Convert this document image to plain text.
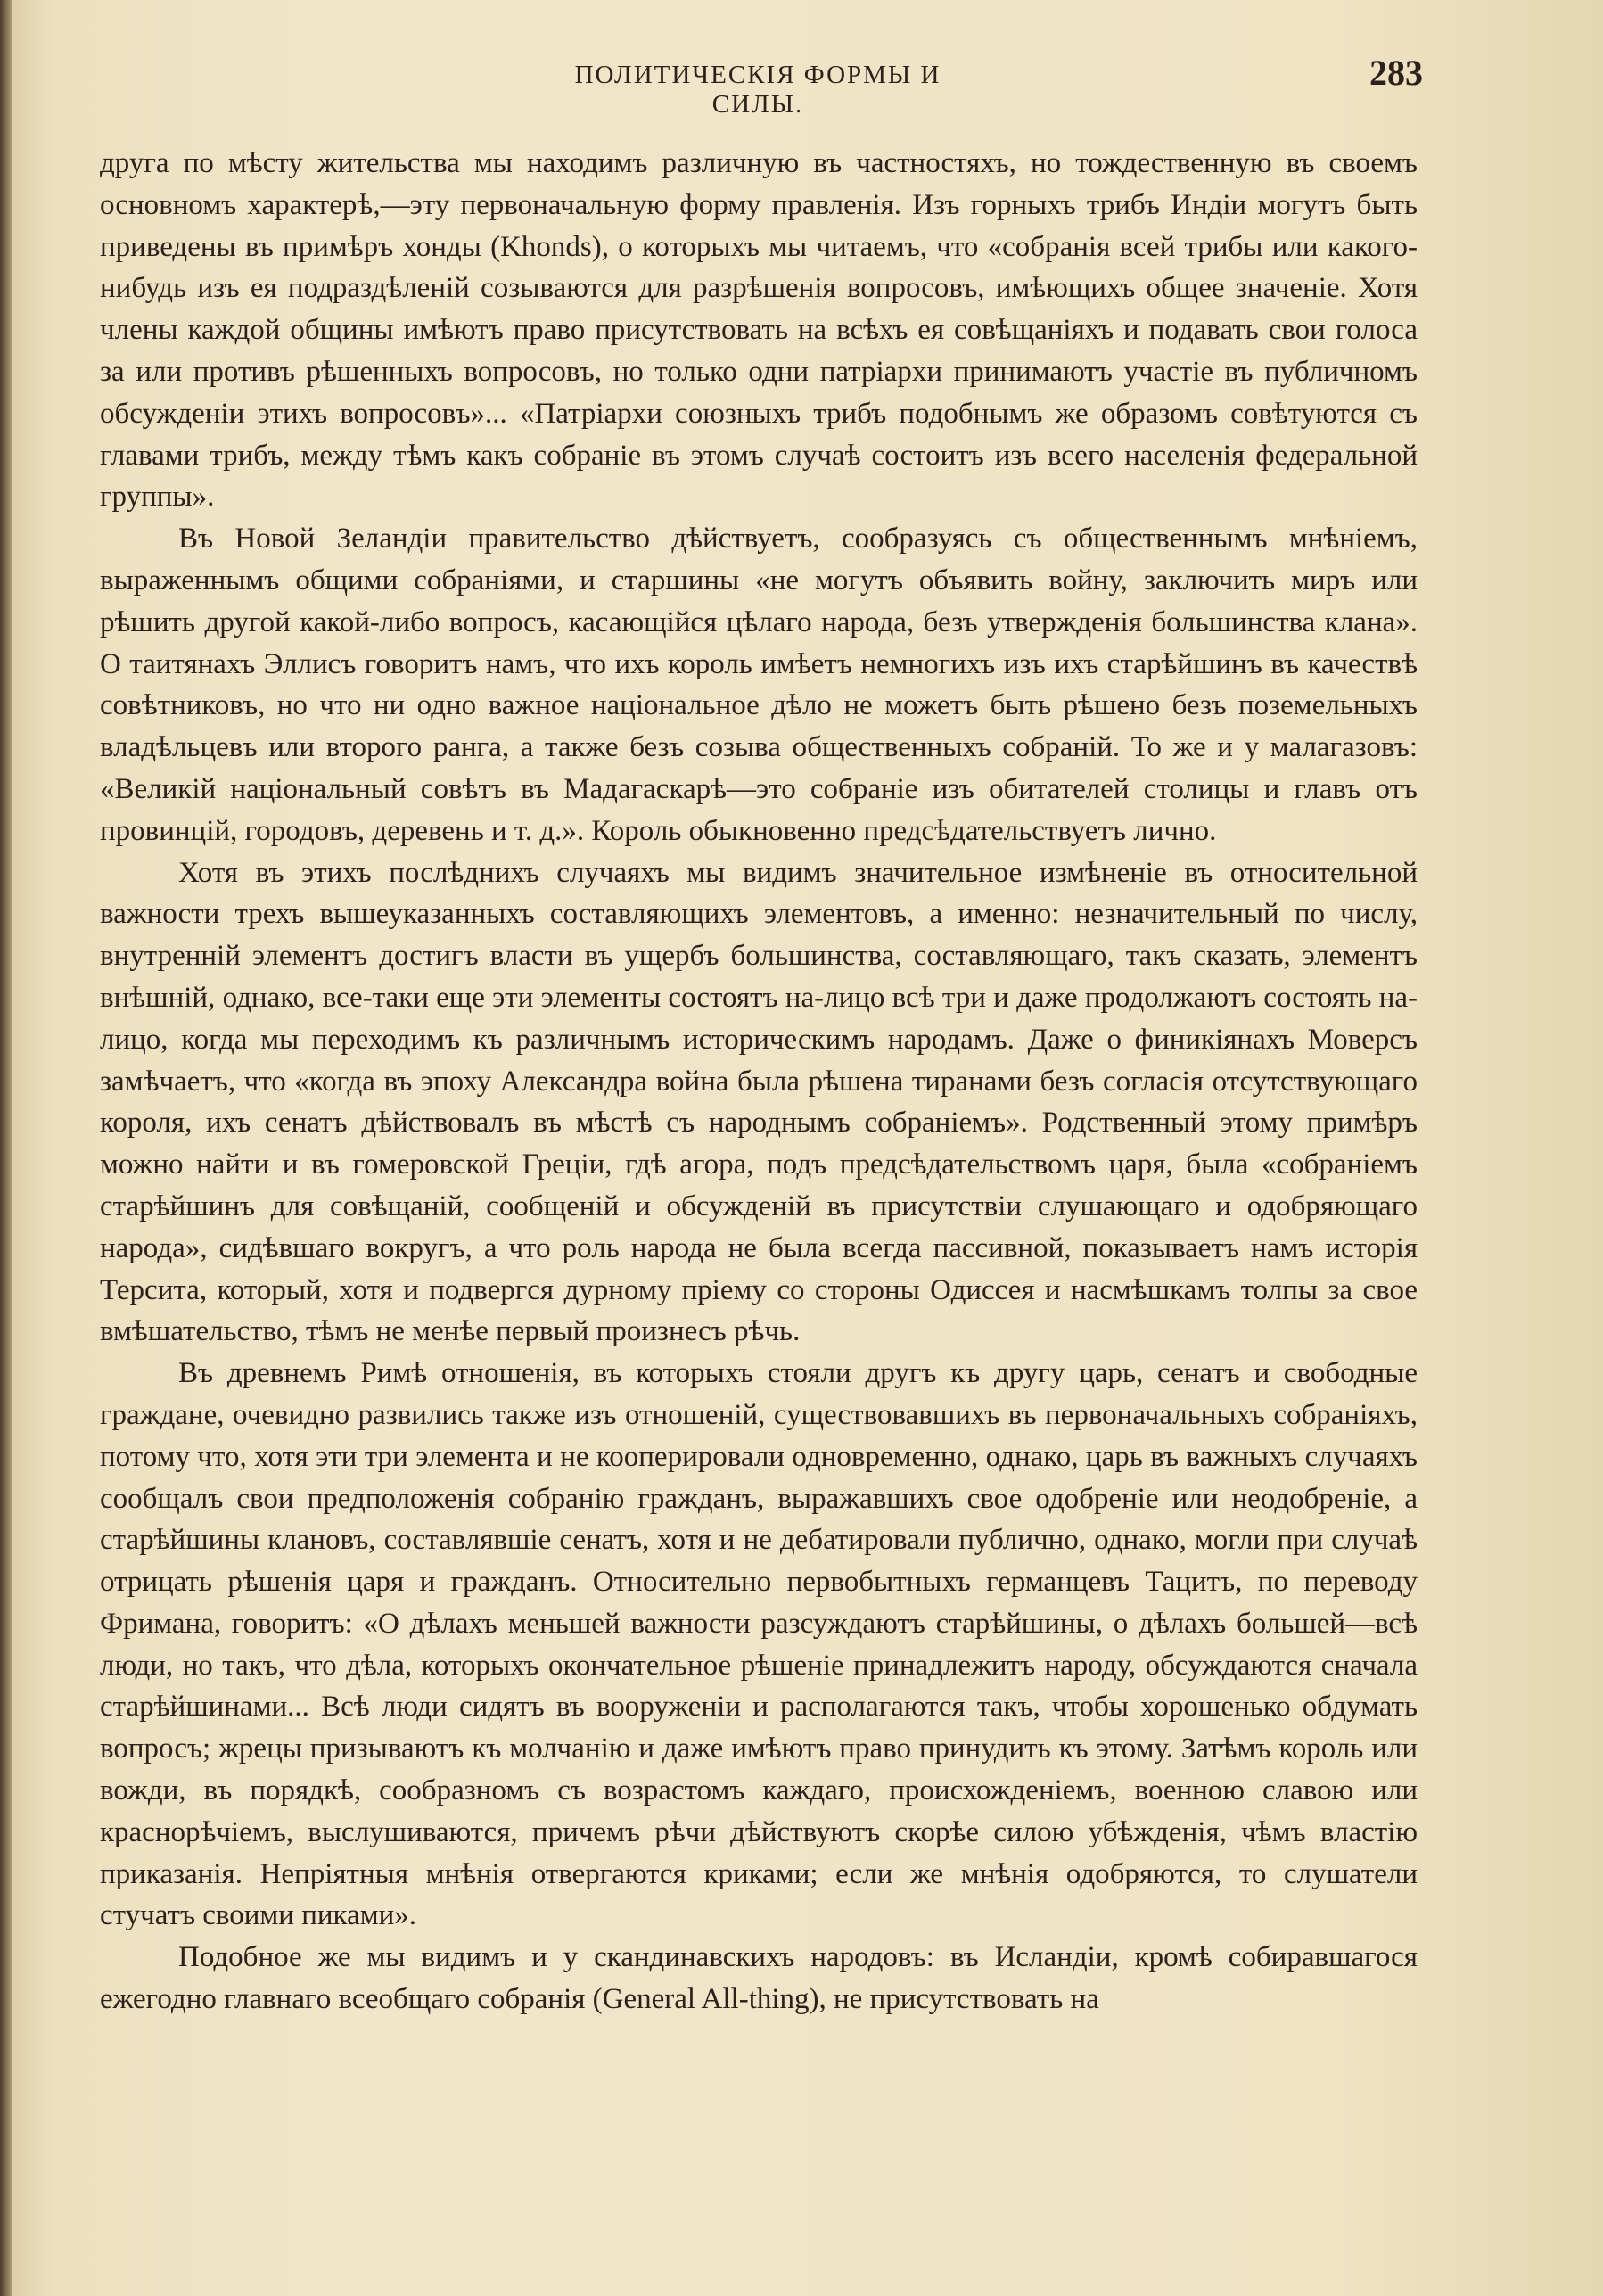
ПОЛИТИЧЕСКІЯ ФОРМЫ И СИЛЫ.
283

друга по мѣсту жительства мы находимъ различную въ частностяхъ, но тождественную въ своемъ основномъ характерѣ,—эту первоначальную форму правленія. Изъ горныхъ трибъ Индіи могутъ быть приведены въ примѣръ хонды (Khonds), о которыхъ мы читаемъ, что «собранія всей трибы или какого-нибудь изъ ея подраздѣленій созываются для разрѣшенія вопросовъ, имѣющихъ общее значеніе. Хотя члены каждой общины имѣютъ право присутствовать на всѣхъ ея совѣщаніяхъ и подавать свои голоса за или противъ рѣшенныхъ вопросовъ, но только одни патріархи принимаютъ участіе въ публичномъ обсужденіи этихъ вопросовъ»... «Патріархи союзныхъ трибъ подобнымъ же образомъ совѣтуются съ главами трибъ, между тѣмъ какъ собраніе въ этомъ случаѣ состоитъ изъ всего населенія федеральной группы».

Въ Новой Зеландіи правительство дѣйствуетъ, сообразуясь съ общественнымъ мнѣніемъ, выраженнымъ общими собраніями, и старшины «не могутъ объявить войну, заключить миръ или рѣшить другой какой-либо вопросъ, касающійся цѣлаго народа, безъ утвержденія большинства клана». О таитянахъ Эллисъ говоритъ намъ, что ихъ король имѣетъ немногихъ изъ ихъ старѣйшинъ въ качествѣ совѣтниковъ, но что ни одно важное національное дѣло не можетъ быть рѣшено безъ поземельныхъ владѣльцевъ или второго ранга, а также безъ созыва общественныхъ собраній. То же и у малагазовъ: «Великій національный совѣтъ въ Мадагаскарѣ—это собраніе изъ обитателей столицы и главъ отъ провинцій, городовъ, деревень и т. д.». Король обыкновенно предсѣдательствуетъ лично.

Хотя въ этихъ послѣднихъ случаяхъ мы видимъ значительное измѣненіе въ относительной важности трехъ вышеуказанныхъ составляющихъ элементовъ, а именно: незначительный по числу, внутренній элементъ достигъ власти въ ущербъ большинства, составляющаго, такъ сказать, элементъ внѣшній, однако, все-таки еще эти элементы состоятъ на-лицо всѣ три и даже продолжаютъ состоять на-лицо, когда мы переходимъ къ различнымъ историческимъ народамъ. Даже о финикіянахъ Моверсъ замѣчаетъ, что «когда въ эпоху Александра война была рѣшена тиранами безъ согласія отсутствующаго короля, ихъ сенатъ дѣйствовалъ въ мѣстѣ съ народнымъ собраніемъ». Родственный этому примѣръ можно найти и въ гомеровской Греціи, гдѣ агора, подъ предсѣдательствомъ царя, была «собраніемъ старѣйшинъ для совѣщаній, сообщеній и обсужденій въ присутствіи слушающаго и одобряющаго народа», сидѣвшаго вокругъ, а что роль народа не была всегда пассивной, показываетъ намъ исторія Терсита, который, хотя и подвергся дурному пріему со стороны Одиссея и насмѣшкамъ толпы за свое вмѣшательство, тѣмъ не менѣе первый произнесъ рѣчь.

Въ древнемъ Римѣ отношенія, въ которыхъ стояли другъ къ другу царь, сенатъ и свободные граждане, очевидно развились также изъ отношеній, существовавшихъ въ первоначальныхъ собраніяхъ, потому что, хотя эти три элемента и не кооперировали одновременно, однако, царь въ важныхъ случаяхъ сообщалъ свои предположенія собранію гражданъ, выражавшихъ свое одобреніе или неодобреніе, а старѣйшины клановъ, составлявшіе сенатъ, хотя и не дебатировали публично, однако, могли при случаѣ отрицать рѣшенія царя и гражданъ. Относительно первобытныхъ германцевъ Тацитъ, по переводу Фримана, говоритъ: «О дѣлахъ меньшей важности разсуждаютъ старѣйшины, о дѣлахъ большей—всѣ люди, но такъ, что дѣла, которыхъ окончательное рѣшеніе принадлежитъ народу, обсуждаются сначала старѣйшинами... Всѣ люди сидятъ въ вооруженіи и располагаются такъ, чтобы хорошенько обдумать вопросъ; жрецы призываютъ къ молчанію и даже имѣютъ право принудить къ этому. Затѣмъ король или вожди, въ порядкѣ, сообразномъ съ возрастомъ каждаго, происхожденіемъ, военною славою или краснорѣчіемъ, выслушиваются, причемъ рѣчи дѣйствуютъ скорѣе силою убѣжденія, чѣмъ властію приказанія. Непріятныя мнѣнія отвергаются криками; если же мнѣнія одобряются, то слушатели стучатъ своими пиками».

Подобное же мы видимъ и у скандинавскихъ народовъ: въ Исландіи, кромѣ собиравшагося ежегодно главнаго всеобщаго собранія (General All-thing), не присутствовать на
